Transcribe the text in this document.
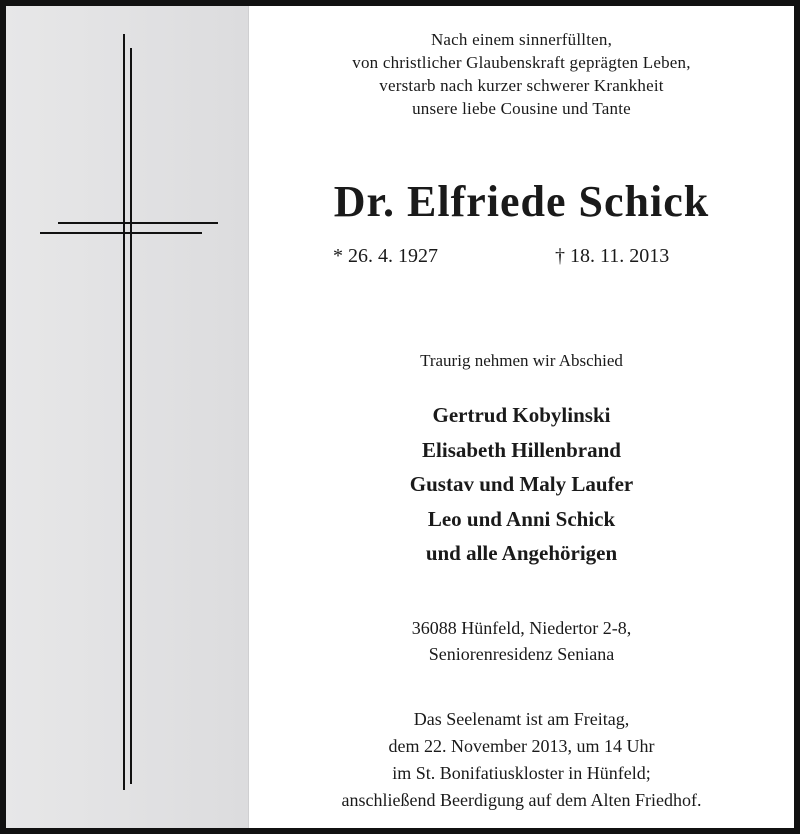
Nach einem sinnerfüllten,
von christlicher Glaubenskraft geprägten Leben,
verstarb nach kurzer schwerer Krankheit
unsere liebe Cousine und Tante
Dr. Elfriede Schick
* 26. 4. 1927	† 18. 11. 2013
Traurig nehmen wir Abschied
Gertrud Kobylinski
Elisabeth Hillenbrand
Gustav und Maly Laufer
Leo und Anni Schick
und alle Angehörigen
36088 Hünfeld, Niedertor 2-8,
Seniorenresidenz Seniana
Das Seelenamt ist am Freitag,
dem 22. November 2013, um 14 Uhr
im St. Bonifatiuskloster in Hünfeld;
anschließend Beerdigung auf dem Alten Friedhof.
